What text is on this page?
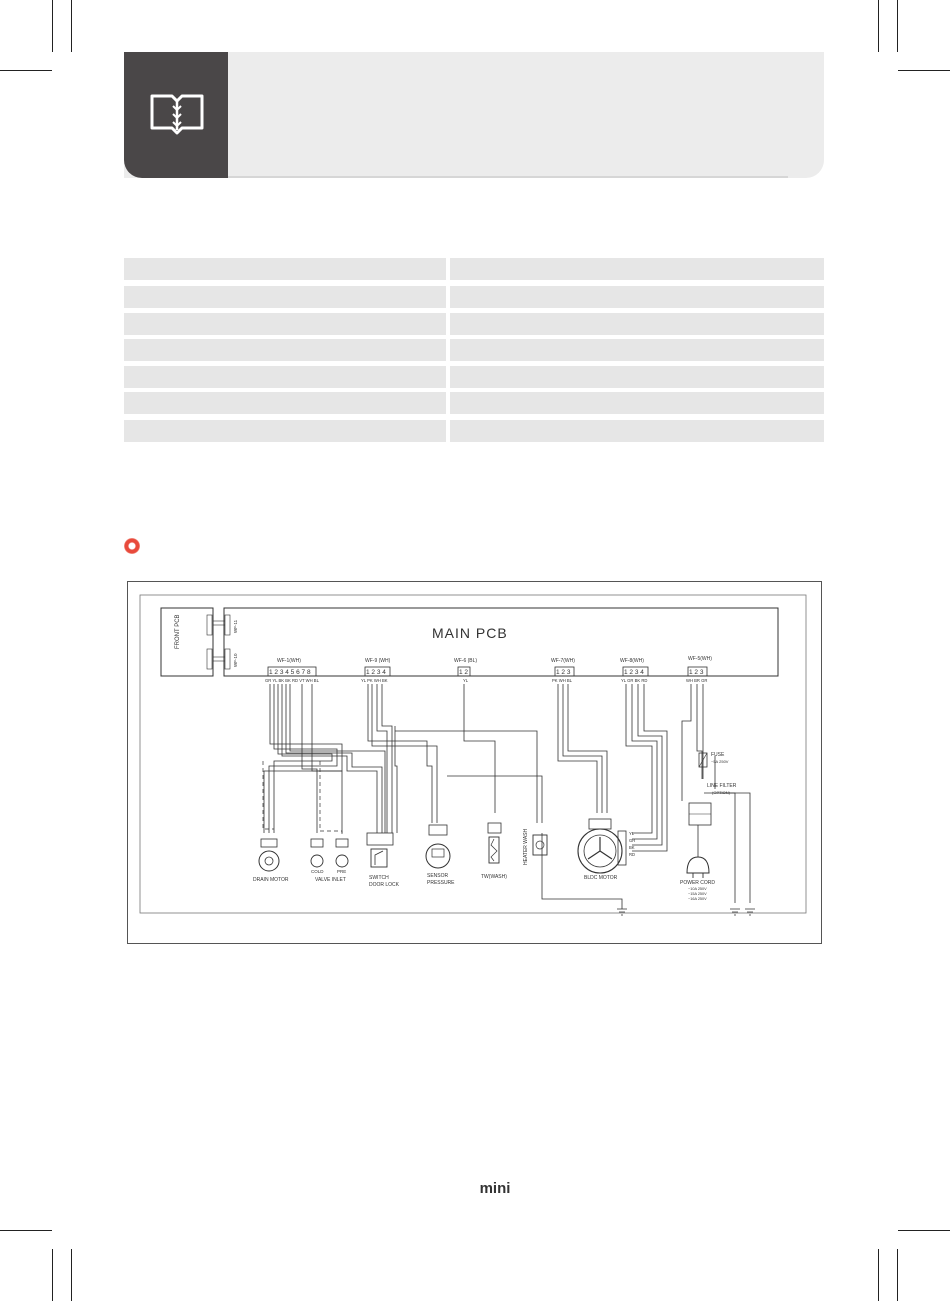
FRONT PCB	WF-11
WF-10
MAIN PCB
WF-1(WH)
1 2 3 4 5 6 7 8
GR YL BK BK RD VT WH BL
WF-9 (WH)
1 2 3 4
YL PK WH BK
WF-6 (BL)
1 2
YL
WF-7(WH)
1 2 3
PK WH BL
WF-8(WH)
1 2 3 4
YL GR BK RD
WF-5(WH)
1 2 3
WH BR GR
DRAIN MOTOR
COLD	PRE
VALVE INLET	SWITCH
DOOR LOCK
SENSOR
PRESSURE
TW(WASH)
HEATER WASH
BLDC MOTOR
YL
GR
BK
RD
FUSE
~5A 250V
LINE FILTER
(OPTION)
POWER CORD
~10A 250V
~15A 250V
~16A 250V
mini
